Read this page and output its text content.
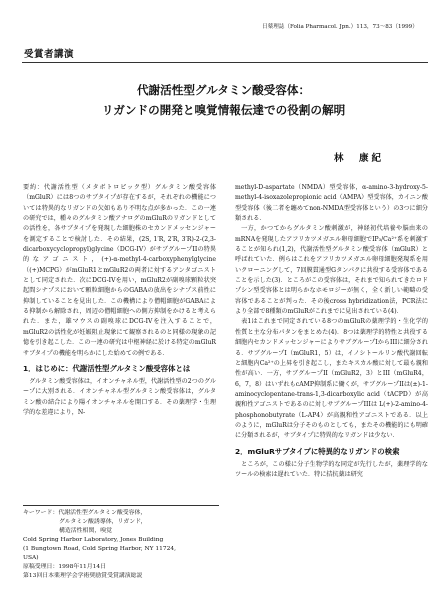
日薬理誌（Folia Pharmacol. Jpn.）113，73～83（1999）
受賞者講演
代謝活性型グルタミン酸受容体：
リガンドの開発と嗅覚情報伝達での役割の解明
林　康紀

要約：代謝活性型（メタボトロピック型）グルタミン酸受容体（mGluR）には8つのサブタイプが存在するが，それぞれの機能については特異的なリガンドの欠如もあり不明な点が多かった．この一連の研究では，種々のグルタミン酸アナログのmGluRのリガンドとしての活性を，各サブタイプを発現した細胞株のセカンドメッセンジャーを測定することで検討した．その結果，(2S, 1′R, 2′R, 3′R)-2-(2,3-dicarboxycyclopropyl)glycine（DCG-IV）がサブグループIIの特異的なアゴニスト，(+)-α-methyl-4-carboxyphenylglycine（(+)MCPG）がmGluR1とmGluR2の両者に対するアンタゴニストとして同定された．次にDCG-IVを用い，mGluR2が副嗅球顆粒状突起間シナプスにおいて顆粒細胞からのGABAの放出をシナプス前性に抑制していることを見出した．この機構により僧帽細胞がGABAによる抑制から解除され，周辺の僧帽細胞への側方抑制をかけると考えられた．また，雄マウスの副嗅球にDCG-IVを注入することで，mGluR2の活性化が妊娠阻止現象にて観察されるのと同様の現象の記憶を引き起こした．この一連の研究は中枢神経に於ける特定のmGluRサブタイプの機能を明らかにした始めての例である．

1．はじめに：代謝活性型グルタミン酸受容体とは

グルタミン酸受容体は，イオンチャネル型，代謝活性型の2つのグループに大別される．イオンチャネル型グルタミン酸受容体は，グルタミン酸の結合により陽イオンチャネルを開口する．その薬理学・生理学的な差違により，N-

キーワード：代謝活性型グルタミン酸受容体，
グルタミン酸誘導体，リガンド，
構造活性相関，嗅覚
Cold Spring Harbor Laboratory, Jones Building
(1 Bungtown Road, Cold Spring Harbor, NY 11724,
USA)
原稿受理日：1998年11月14日
第13回日本薬理学会学術奨励賞受賞講演総説

methyl-D-aspartate（NMDA）型受容体，α-amino-3-hydroxy-5-methyl-4-isoxazolepropionic acid（AMPA）型受容体，カイニン酸型受容体（後二者を纏めてnon-NMDA型受容体という）の3つに細分類される．

一方，かつてからグルタミン酸刺激が，神経初代培養や脳由来のmRNAを発現したアフリカツメガエル卵母細胞でIP₃/Ca²⁺系を刺激することが知られ(1,2)，代謝活性型グルタミン酸受容体（mGluR）と呼ばれていた．例らはこれをアフリカツメガエル卵母細胞発現系を用いクローニングして，7回膜貫通型Gタンパクに共役する受容体であることを示した(3)．ところがこの受容体は，それまで知られてきたロドプシン型受容体とは明らかなホモロジーが無く，全く新しい範疇の受容体であることが判った．その後cross hybridization法，PCR法により全部で8種類のmGluRがこれまでに見出されている(4)．

表1はこれまで同定されている8つのmGluRの薬理学的・生化学的性質と主な分布パタンをまとめた(4)．8つは薬理学的特性と共役する細胞内セカンドメッセンジャーによりサブグループIからIIIに細分される．サブグループI（mGluR1，5）は，イノシトールリン酸代謝回転と細胞内Ca²⁺の上昇を引き起こし，またキスカル酸に対して最も親和性が高い．一方，サブグループII（mGluR2，3）とIII（mGluR4，6，7，8）はいずれもcAMP抑制系に働くが，サブグループIIは(±)-1-aminocyclopentane-trans-1,3-dicarboxylic acid（tACPD）が高親和性アゴニストであるのに対しサブグループIIIは L(+)-2-amino-4-phosphonobutyrate（L-AP4）が高親和性アゴニストである．以上のように，mGluRは分子そのものとしても，またその機能的にも明確に分類されるが，サブタイプに特異的なリガンドは少ない．

2．mGluRサブタイプに特異的なリガンドの検索

ところが，この様に分子生物学的な同定が先行したが，薬理学的なツールの検索は遅れていた．特に拮抗薬は研究
